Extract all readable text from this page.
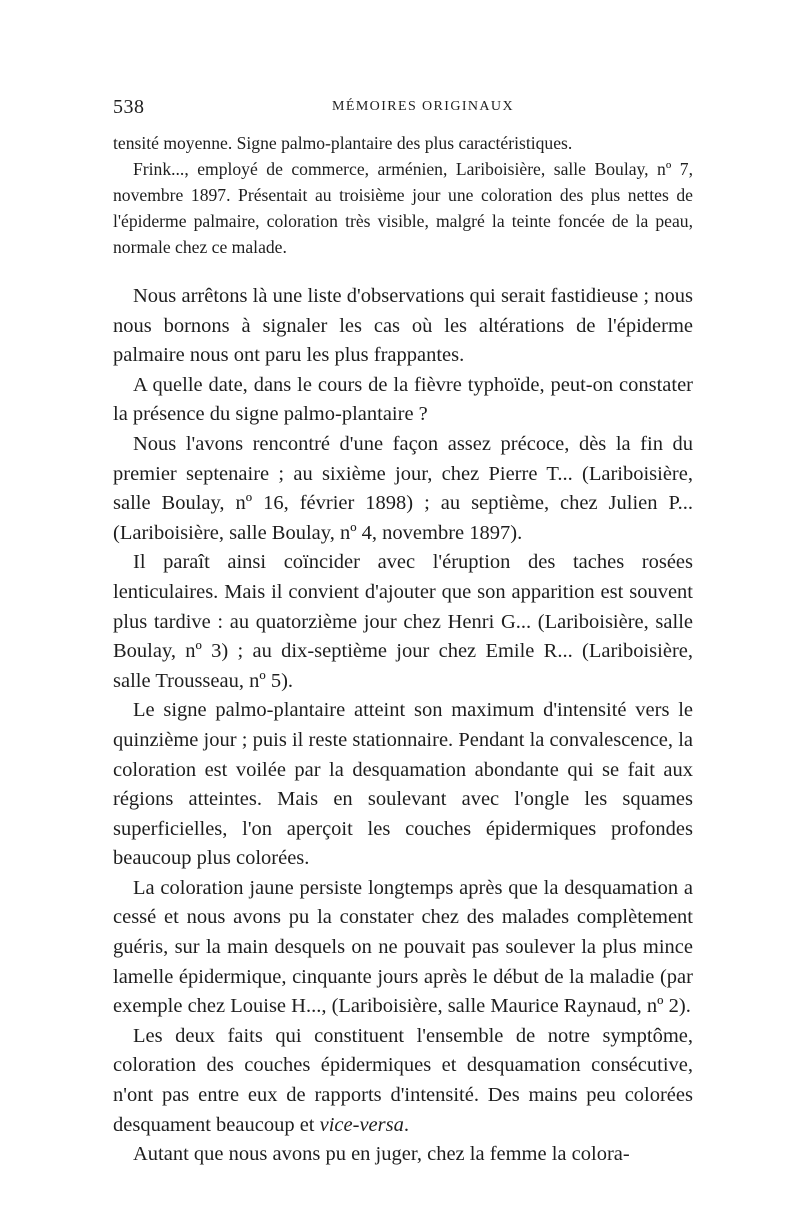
538	MÉMOIRES ORIGINAUX

tensité moyenne. Signe palmo-plantaire des plus caractéristiques.

Frink..., employé de commerce, arménien, Lariboisière, salle Boulay, nº 7, novembre 1897. Présentait au troisième jour une coloration des plus nettes de l'épiderme palmaire, coloration très visible, malgré la teinte foncée de la peau, normale chez ce malade.

Nous arrêtons là une liste d'observations qui serait fastidieuse ; nous nous bornons à signaler les cas où les altérations de l'épiderme palmaire nous ont paru les plus frappantes.

A quelle date, dans le cours de la fièvre typhoïde, peut-on constater la présence du signe palmo-plantaire ?

Nous l'avons rencontré d'une façon assez précoce, dès la fin du premier septenaire ; au sixième jour, chez Pierre T... (Lariboisière, salle Boulay, nº 16, février 1898) ; au septième, chez Julien P... (Lariboisière, salle Boulay, nº 4, novembre 1897).

Il paraît ainsi coïncider avec l'éruption des taches rosées lenticulaires. Mais il convient d'ajouter que son apparition est souvent plus tardive : au quatorzième jour chez Henri G... (Lariboisière, salle Boulay, nº 3) ; au dix-septième jour chez Emile R... (Lariboisière, salle Trousseau, nº 5).

Le signe palmo-plantaire atteint son maximum d'intensité vers le quinzième jour ; puis il reste stationnaire. Pendant la convalescence, la coloration est voilée par la desquamation abondante qui se fait aux régions atteintes. Mais en soulevant avec l'ongle les squames superficielles, l'on aperçoit les couches épidermiques profondes beaucoup plus colorées.

La coloration jaune persiste longtemps après que la desquamation a cessé et nous avons pu la constater chez des malades complètement guéris, sur la main desquels on ne pouvait pas soulever la plus mince lamelle épidermique, cinquante jours après le début de la maladie (par exemple chez Louise H..., (Lariboisière, salle Maurice Raynaud, nº 2).

Les deux faits qui constituent l'ensemble de notre symptôme, coloration des couches épidermiques et desquamation consécutive, n'ont pas entre eux de rapports d'intensité. Des mains peu colorées desquament beaucoup et vice-versa.

Autant que nous avons pu en juger, chez la femme la colora-
